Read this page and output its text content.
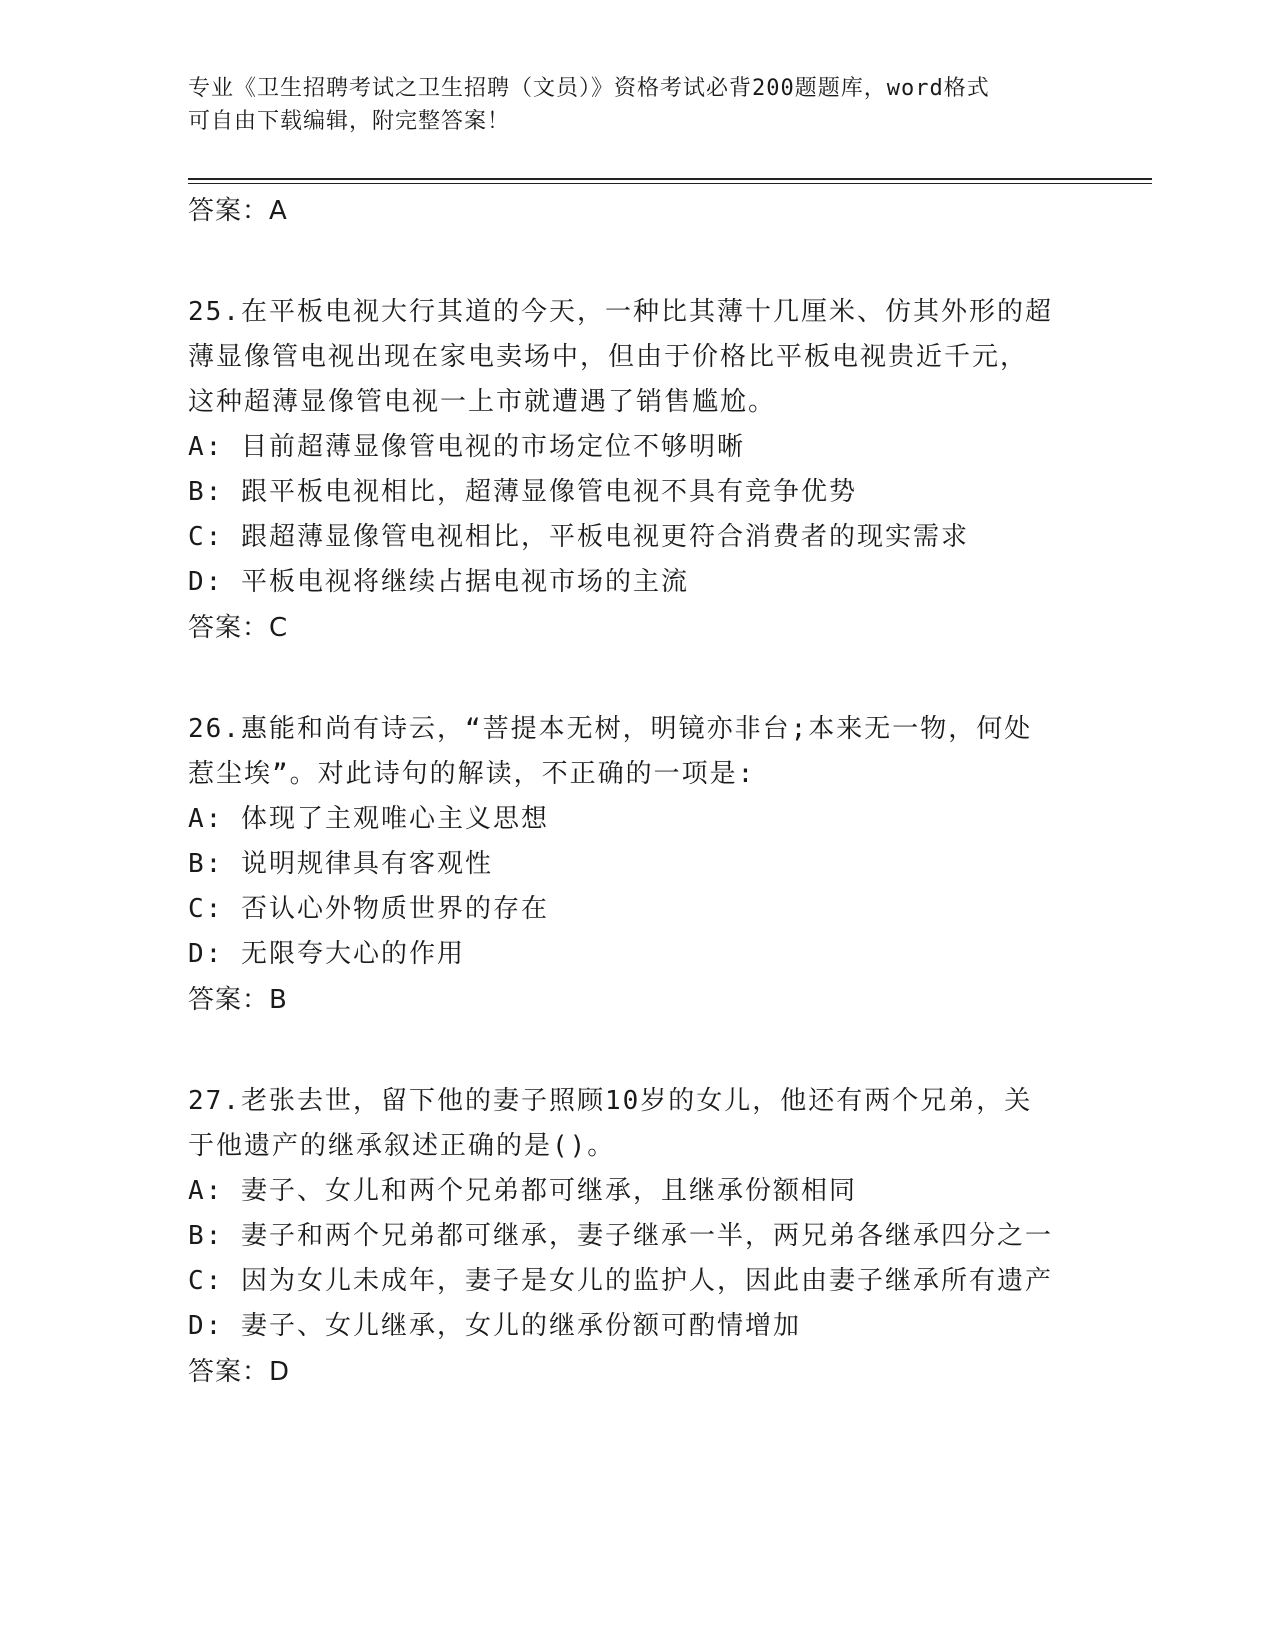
专业《卫生招聘考试之卫生招聘（文员）》资格考试必背200题题库，word格式
可自由下载编辑，附完整答案！
答案：A
25.在平板电视大行其道的今天，一种比其薄十几厘米、仿其外形的超
薄显像管电视出现在家电卖场中，但由于价格比平板电视贵近千元，
这种超薄显像管电视一上市就遭遇了销售尴尬。
A: 目前超薄显像管电视的市场定位不够明晰
B: 跟平板电视相比，超薄显像管电视不具有竞争优势
C: 跟超薄显像管电视相比，平板电视更符合消费者的现实需求
D: 平板电视将继续占据电视市场的主流
答案：C
26.惠能和尚有诗云，“菩提本无树，明镜亦非台;本来无一物，何处
惹尘埃”。对此诗句的解读，不正确的一项是:
A: 体现了主观唯心主义思想
B: 说明规律具有客观性
C: 否认心外物质世界的存在
D: 无限夸大心的作用
答案：B
27.老张去世，留下他的妻子照顾10岁的女儿，他还有两个兄弟，关
于他遗产的继承叙述正确的是()。
A: 妻子、女儿和两个兄弟都可继承，且继承份额相同
B: 妻子和两个兄弟都可继承，妻子继承一半，两兄弟各继承四分之一
C: 因为女儿未成年，妻子是女儿的监护人，因此由妻子继承所有遗产
D: 妻子、女儿继承，女儿的继承份额可酌情增加
答案：D
